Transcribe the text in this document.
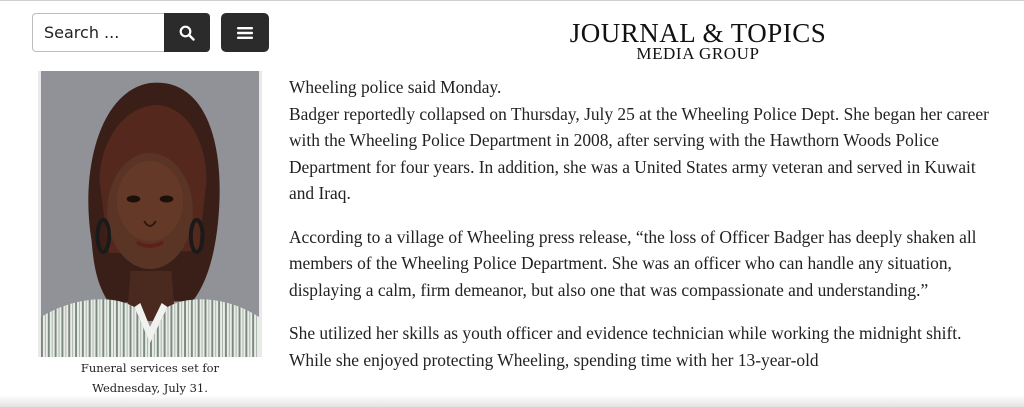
Search ...
JOURNAL & TOPICS
MEDIA GROUP
Funeral services set for Wednesday, July 31.

Wheeling police said Monday.

Badger reportedly collapsed on Thursday, July 25 at the Wheeling Police Dept. She began her career with the Wheeling Police Department in 2008, after serving with the Hawthorn Woods Police Department for four years. In addition, she was a United States army veteran and served in Kuwait and Iraq.

According to a village of Wheeling press release, “the loss of Officer Badger has deeply shaken all members of the Wheeling Police Department. She was an officer who can handle any situation, displaying a calm, firm demeanor, but also one that was compassionate and understanding.”

She utilized her skills as youth officer and evidence technician while working the midnight shift. While she enjoyed protecting Wheeling, spending time with her 13-year-old
